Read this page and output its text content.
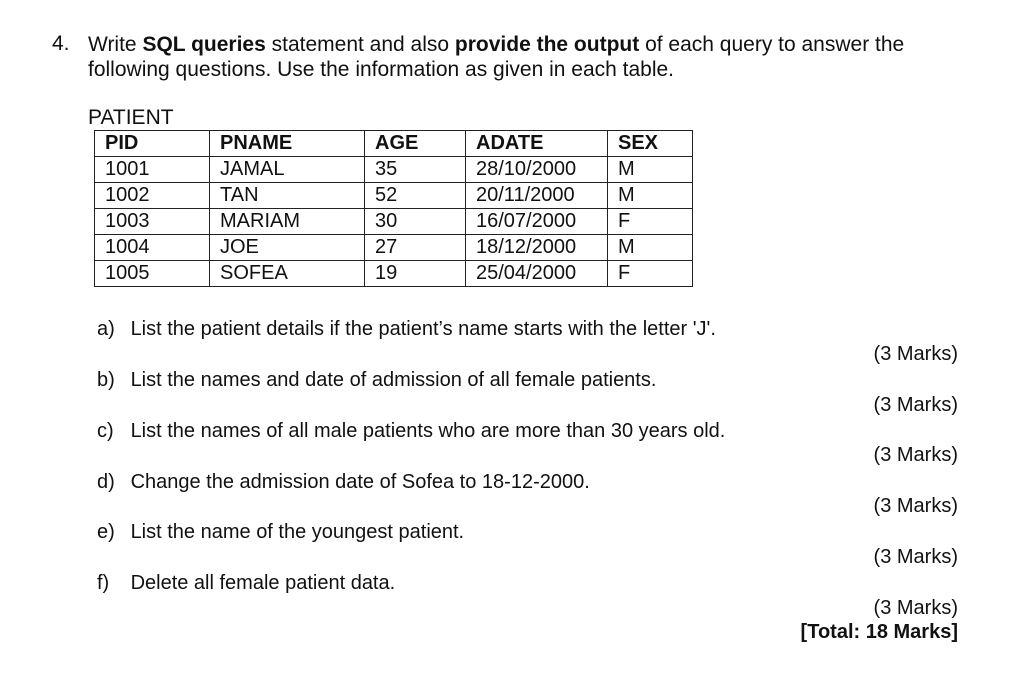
4. Write SQL queries statement and also provide the output of each query to answer the following questions. Use the information as given in each table.
PATIENT
PID	PNAME	AGE	ADATE	SEX
1001	JAMAL	35	28/10/2000	M
1002	TAN	52	20/11/2000	M
1003	MARIAM	30	16/07/2000	F
1004	JOE	27	18/12/2000	M
1005	SOFEA	19	25/04/2000	F
a) List the patient details if the patient’s name starts with the letter 'J'.
(3 Marks)
b) List the names and date of admission of all female patients.
(3 Marks)
c) List the names of all male patients who are more than 30 years old.
(3 Marks)
d) Change the admission date of Sofea to 18-12-2000.
(3 Marks)
e) List the name of the youngest patient.
(3 Marks)
f) Delete all female patient data.
(3 Marks)
[Total: 18 Marks]
